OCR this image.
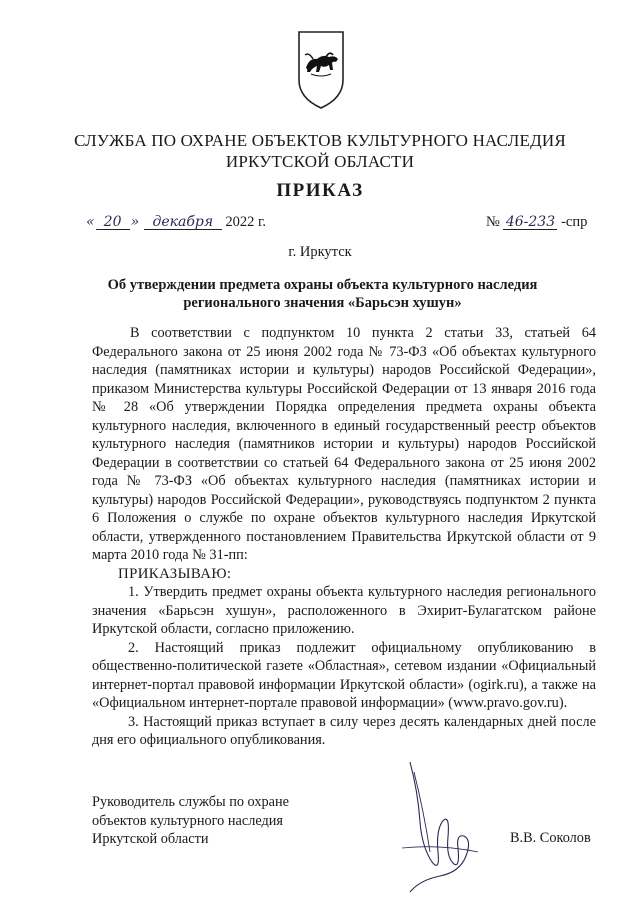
СЛУЖБА ПО ОХРАНЕ ОБЪЕКТОВ КУЛЬТУРНОГО НАСЛЕДИЯ
ИРКУТСКОЙ ОБЛАСТИ
ПРИКАЗ
« 20 » декабря 2022 г.	№ 46-233 -спр
г. Иркутск
Об утверждении предмета охраны объекта культурного наследия
регионального значения «Барьсэн хушун»

В соответствии с подпунктом 10 пункта 2 статьи 33, статьей 64 Федерального закона от 25 июня 2002 года № 73-ФЗ «Об объектах культурного наследия (памятниках истории и культуры) народов Российской Федерации», приказом Министерства культуры Российской Федерации от 13 января 2016 года № 28 «Об утверждении Порядка определения предмета охраны объекта культурного наследия, включенного в единый государственный реестр объектов культурного наследия (памятников истории и культуры) народов Российской Федерации в соответствии со статьей 64 Федерального закона от 25 июня 2002 года № 73-ФЗ «Об объектах культурного наследия (памятниках истории и культуры) народов Российской Федерации», руководствуясь подпунктом 2 пункта 6 Положения о службе по охране объектов культурного наследия Иркутской области, утвержденного постановлением Правительства Иркутской области от 9 марта 2010 года № 31-пп:

ПРИКАЗЫВАЮ:

1. Утвердить предмет охраны объекта культурного наследия регионального значения «Барьсэн хушун», расположенного в Эхирит-Булагатском районе Иркутской области, согласно приложению.

2. Настоящий приказ подлежит официальному опубликованию в общественно-политической газете «Областная», сетевом издании «Официальный интернет-портал правовой информации Иркутской области» (ogirk.ru), а также на «Официальном интернет-портале правовой информации» (www.pravo.gov.ru).

3. Настоящий приказ вступает в силу через десять календарных дней после дня его официального опубликования.

Руководитель службы по охране
объектов культурного наследия
Иркутской области	В.В. Соколов
